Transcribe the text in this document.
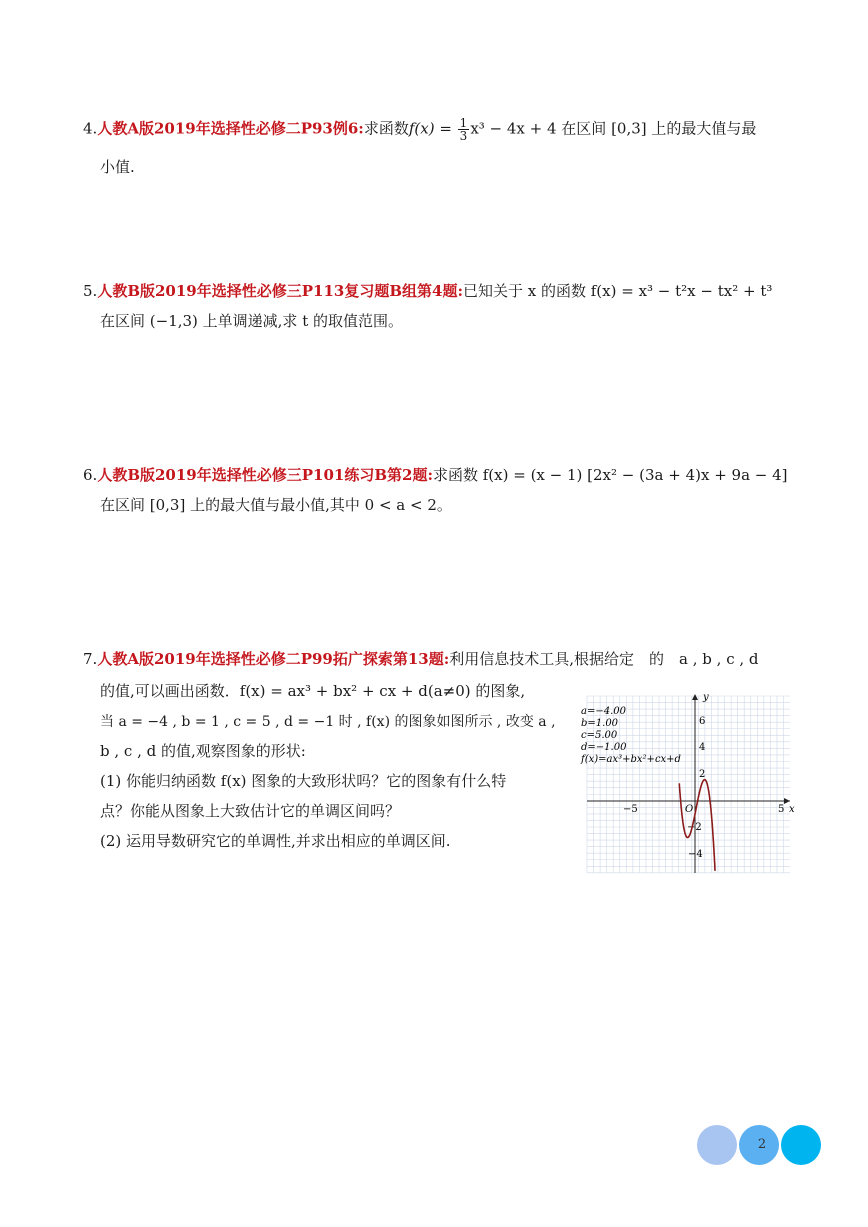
4.人教A版2019年选择性必修二P93例6:求函数$f(x) = \frac{1}{3} x^3 - 4x + 4$ 在区间 [0,3] 上的最大值与最
小值.
5.人教B版2019年选择性必修三P113复习题B组第4题:已知关于 x 的函数 f(x) = x³ − t²x − tx² + t³
在区间 (−1,3) 上单调递减,求 t 的取值范围。
6.人教B版2019年选择性必修三P101练习B第2题:求函数 f(x) = (x − 1) [2x² − (3a + 4)x + 9a − 4]
在区间 [0,3] 上的最大值与最小值,其中 0 < a < 2。
7.人教A版2019年选择性必修二P99拓广探索第13题:利用信息技术工具,根据给定　的　a , b , c , d
的值,可以画出函数．f(x) = ax³ + bx² + cx + d(a≠0) 的图象,
当 a = −4 , b = 1 , c = 5 , d = −1 时 , f(x) 的图象如图所示 , 改变 a ,
b , c , d 的值,观察图象的形状:
(1) 你能归纳函数 f(x) 图象的大致形状吗？它的图象有什么特
点？你能从图象上大致估计它的单调区间吗？
(2) 运用导数研究它的单调性,并求出相应的单调区间.
y
x
O
−5	5
6
4
2
−2
−4
a=−4.00
b=1.00
c=5.00
d=−1.00
f(x)=ax³+bx²+cx+d
2
